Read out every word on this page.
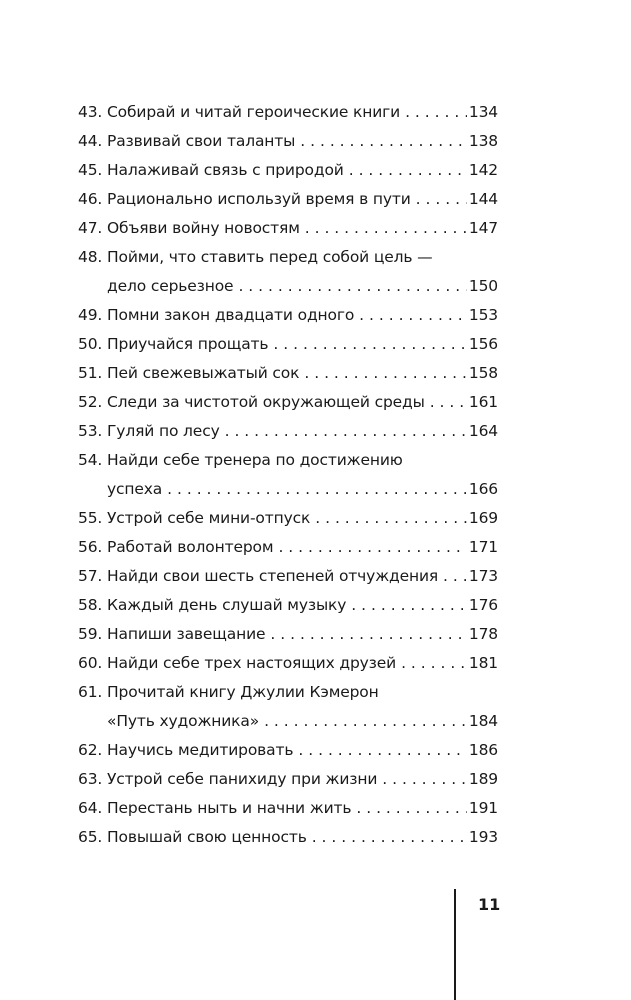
43. Собирай и читай героические книги . . .	134
44. Развивай свои таланты . . .	138
45. Налаживай связь с природой . . .	142
46. Рационально используй время в пути . . .	144
47. Объяви войну новостям . . .	147
48. Пойми, что ставить перед собой цель —
дело серьезное . . .	150
49. Помни закон двадцати одного . . .	153
50. Приучайся прощать . . .	156
51. Пей свежевыжатый сок . . .	158
52. Следи за чистотой окружающей среды . . .	161
53. Гуляй по лесу . . .	164
54. Найди себе тренера по достижению
успеха . . .	166
55. Устрой себе мини-отпуск . . .	169
56. Работай волонтером . . .	171
57. Найди свои шесть степеней отчуждения . . . 173
58. Каждый день слушай музыку . . .	176
59. Напиши завещание . . .	178
60. Найди себе трех настоящих друзей . . .	181
61. Прочитай книгу Джулии Кэмерон
«Путь художника» . . .	184
62. Научись медитировать . . .	186
63. Устрой себе панихиду при жизни . . .	189
64. Перестань ныть и начни жить . . .	191
65. Повышай свою ценность . . .	193
11
